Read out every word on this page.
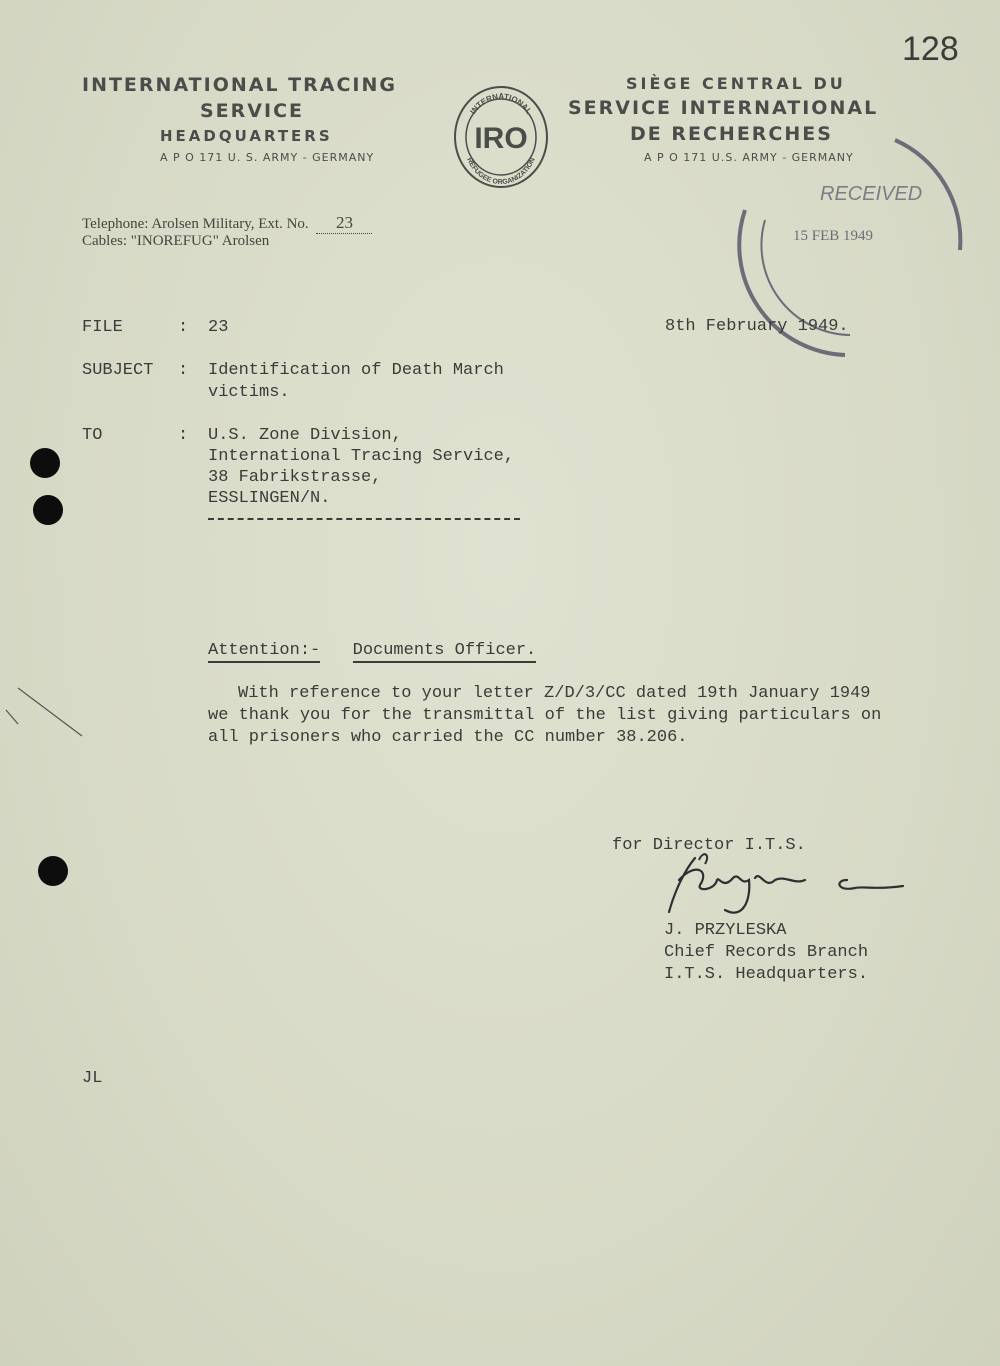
128
INTERNATIONAL TRACING
SERVICE
HEADQUARTERS
A P O 171 U. S. ARMY - GERMANY
INTERNATIONAL
REFUGEE ORGANIZATION
IRO
SIÈGE CENTRAL DU
SERVICE INTERNATIONAL
DE RECHERCHES
A P O 171 U.S. ARMY - GERMANY
RECEIVED
15 FEB 1949
Telephone: Arolsen Military, Ext. No. 23
Cables: "INOREFUG" Arolsen
8th February 1949.
FILE	: 23
SUBJECT : Identification of Death March
victims.
TO	: U.S. Zone Division,
International Tracing Service,
38 Fabrikstrasse,
ESSLINGEN/N.
Attention:- Documents Officer.
With reference to your letter Z/D/3/CC dated 19th January 1949
we thank you for the transmittal of the list giving particulars on
all prisoners who carried the CC number 38.206.
for Director I.T.S.
J. PRZYLESKA
Chief Records Branch
I.T.S. Headquarters.
JL
